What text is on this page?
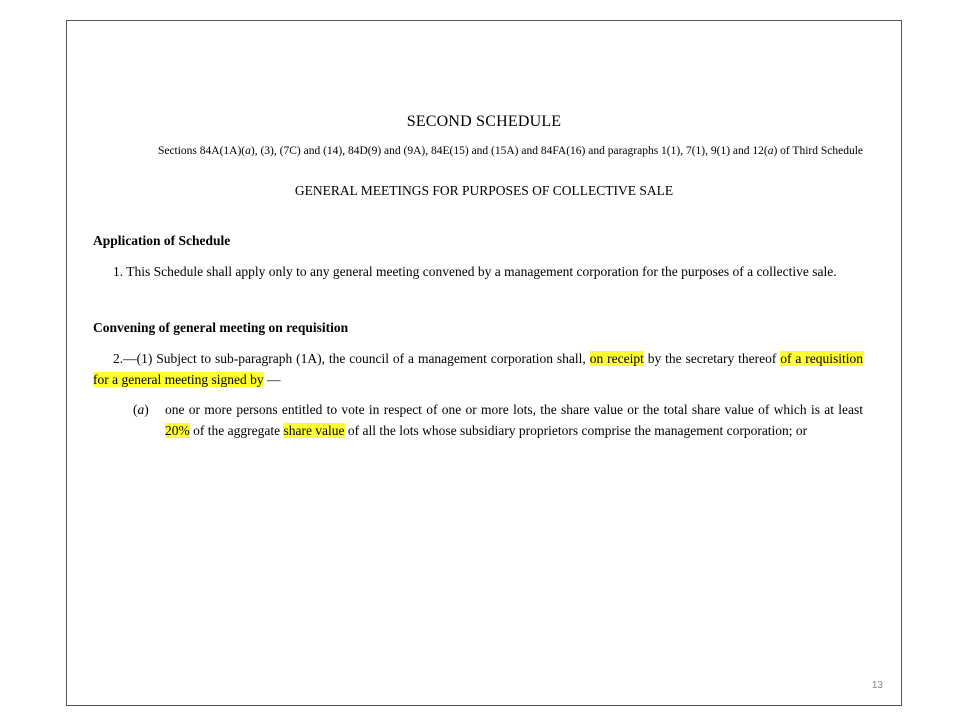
SECOND SCHEDULE
Sections 84A(1A)(a), (3), (7C) and (14), 84D(9) and (9A), 84E(15) and (15A) and 84FA(16) and paragraphs 1(1), 7(1), 9(1) and 12(a) of Third Schedule
GENERAL MEETINGS FOR PURPOSES OF COLLECTIVE SALE
Application of Schedule
1. This Schedule shall apply only to any general meeting convened by a management corporation for the purposes of a collective sale.
Convening of general meeting on requisition
2.—(1) Subject to sub-paragraph (1A), the council of a management corporation shall, on receipt by the secretary thereof of a requisition for a general meeting signed by —
(a)	one or more persons entitled to vote in respect of one or more lots, the share value or the total share value of which is at least 20% of the aggregate share value of all the lots whose subsidiary proprietors comprise the management corporation; or
13
